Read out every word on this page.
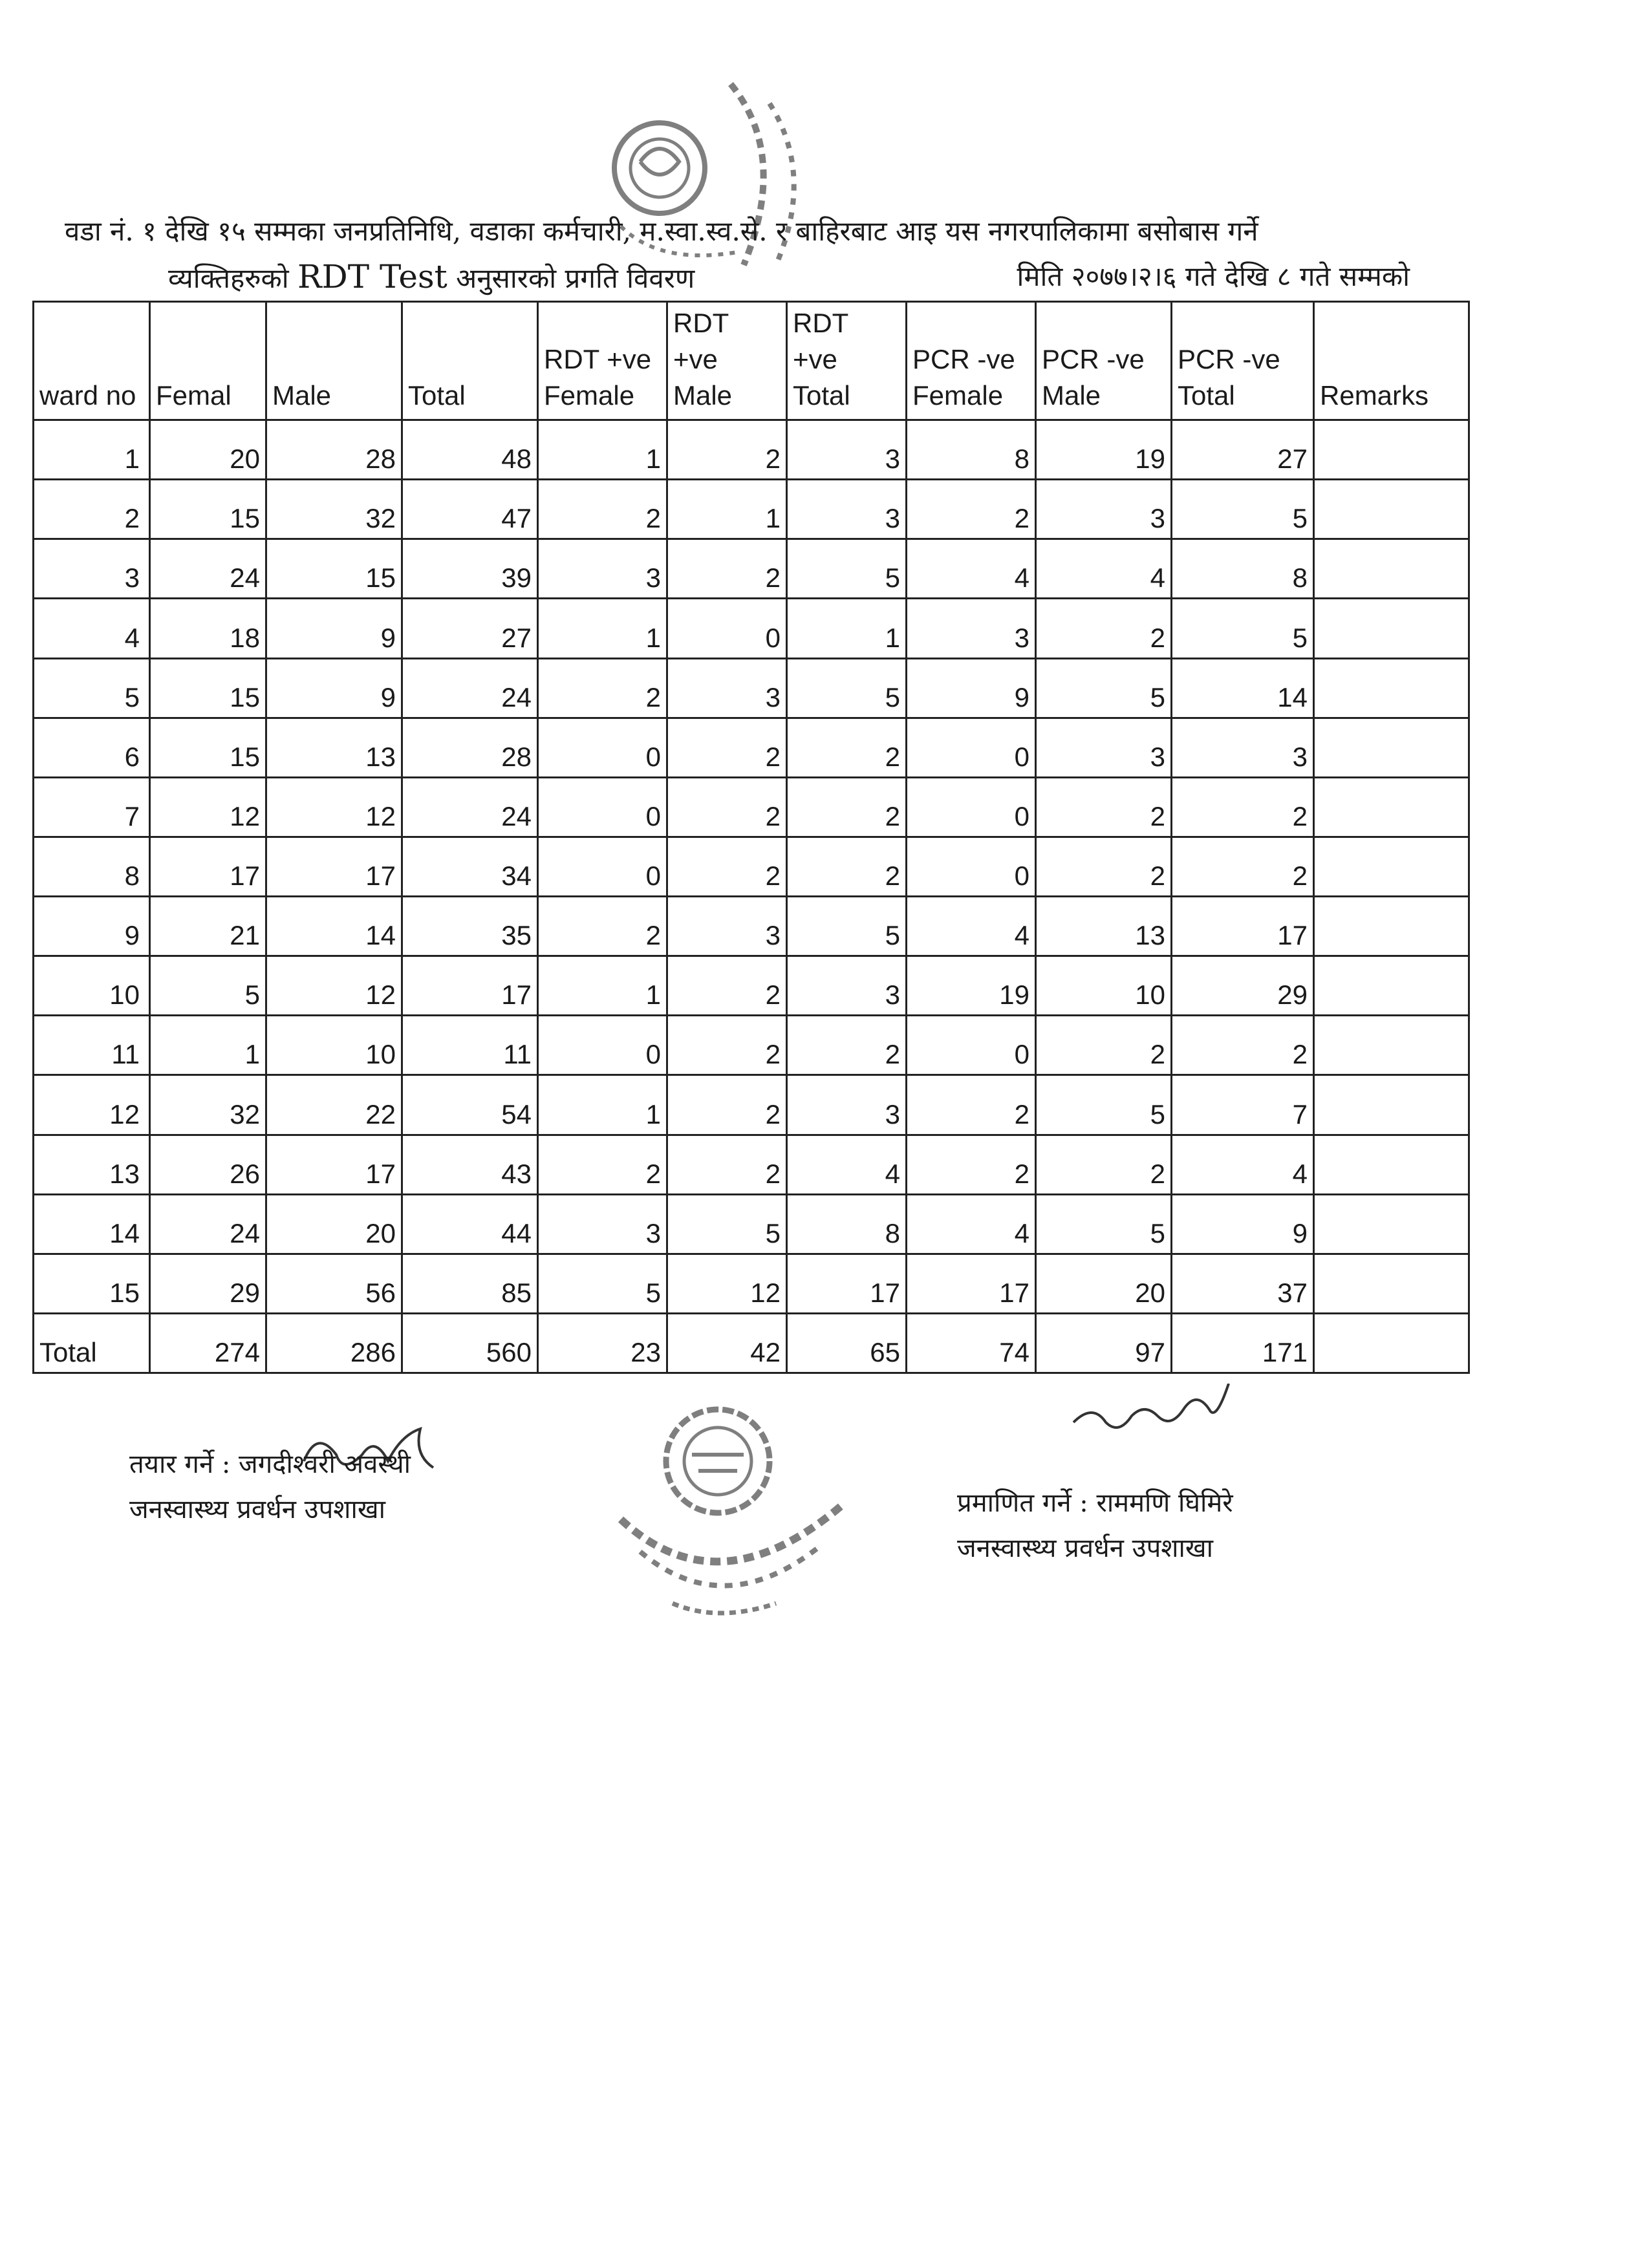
वडा नं. १ देखि १५ सम्मका जनप्रतिनिधि, वडाका कर्मचारी, म.स्वा.स्व.से. र बाहिरबाट आइ यस नगरपालिकामा बसोबास गर्ने
व्यक्तिहरुको RDT Test अनुसारको प्रगति विवरण	मिति २०७७।२।६ गते देखि ८ गते सम्मको
ward no	Femal	Male	Total	RDT +ve Female	RDT +ve Male	RDT +ve Total	PCR -ve Female	PCR -ve Male	PCR -ve Total	Remarks
1	20	28	48	1	2	3	8	19	27	
2	15	32	47	2	1	3	2	3	5	
3	24	15	39	3	2	5	4	4	8	
4	18	9	27	1	0	1	3	2	5	
5	15	9	24	2	3	5	9	5	14	
6	15	13	28	0	2	2	0	3	3	
7	12	12	24	0	2	2	0	2	2	
8	17	17	34	0	2	2	0	2	2	
9	21	14	35	2	3	5	4	13	17	
10	5	12	17	1	2	3	19	10	29	
11	1	10	11	0	2	2	0	2	2	
12	32	22	54	1	2	3	2	5	7	
13	26	17	43	2	2	4	2	2	4	
14	24	20	44	3	5	8	4	5	9	
15	29	56	85	5	12	17	17	20	37	
Total	274	286	560	23	42	65	74	97	171	
तयार गर्ने : जगदीश्वरी अवस्थी
जनस्वास्थ्य प्रवर्धन उपशाखा	प्रमाणित गर्ने : राममणि घिमिरे
जनस्वास्थ्य प्रवर्धन उपशाखा
